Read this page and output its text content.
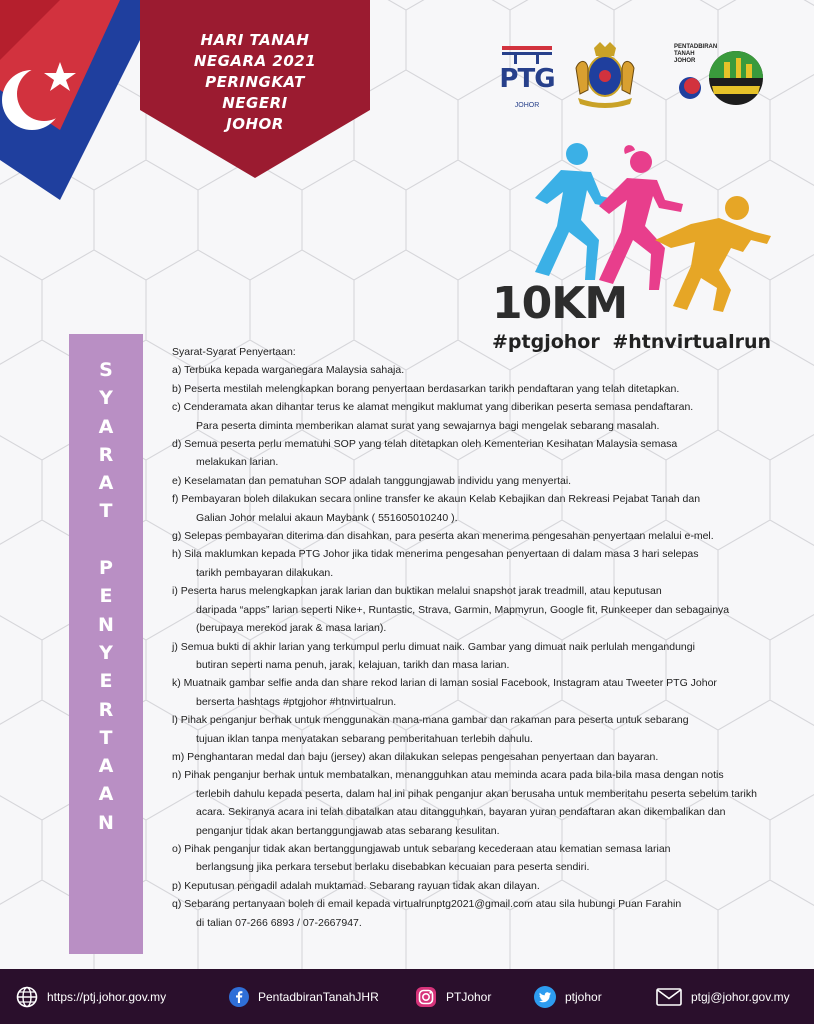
HARI TANAH
NEGARA 2021
PERINGKAT
NEGERI
JOHOR
PTG
JOHOR
PENTADBIRAN
TANAH
JOHOR
10KM
#ptgjohor #htnvirtualrun
S
Y
A
R
A
T
P
E
N
Y
E
R
T
A
A
N

Syarat-Syarat Penyertaan:

a) Terbuka kepada warganegara Malaysia sahaja.

b) Peserta mestilah melengkapkan borang penyertaan berdasarkan tarikh pendaftaran yang telah ditetapkan.

c) Cenderamata akan dihantar terus ke alamat mengikut maklumat yang diberikan peserta semasa pendaftaran.
Para peserta diminta memberikan alamat surat yang sewajarnya bagi mengelak sebarang masalah.

d) Semua peserta perlu mematuhi SOP yang telah ditetapkan oleh Kementerian Kesihatan Malaysia semasa
melakukan larian.

e) Keselamatan dan pematuhan SOP adalah tanggungjawab individu yang menyertai.

f) Pembayaran boleh dilakukan secara online transfer ke akaun Kelab Kebajikan dan Rekreasi Pejabat Tanah dan
Galian Johor melalui akaun Maybank ( 551605010240 ).

g) Selepas pembayaran diterima dan disahkan, para peserta akan menerima pengesahan penyertaan melalui e-mel.

h) Sila maklumkan kepada PTG Johor jika tidak menerima pengesahan penyertaan di dalam masa 3 hari selepas
tarikh pembayaran dilakukan.

i) Peserta harus melengkapkan jarak larian dan buktikan melalui snapshot jarak treadmill, atau keputusan
daripada “apps” larian seperti Nike+, Runtastic, Strava, Garmin, Mapmyrun, Google fit, Runkeeper dan sebagainya (berupaya merekod jarak & masa larian).

j) Semua bukti di akhir larian yang terkumpul perlu dimuat naik. Gambar yang dimuat naik perlulah mengandungi
butiran seperti nama penuh, jarak, kelajuan, tarikh dan masa larian.

k) Muatnaik gambar selfie anda dan share rekod larian di laman sosial Facebook, Instagram atau Tweeter PTG Johor
berserta hashtags #ptgjohor #htnvirtualrun.

l) Pihak penganjur berhak untuk menggunakan mana-mana gambar dan rakaman para peserta untuk sebarang
tujuan iklan tanpa menyatakan sebarang pemberitahuan terlebih dahulu.

m) Penghantaran medal dan baju (jersey) akan dilakukan selepas pengesahan penyertaan dan bayaran.

n) Pihak penganjur berhak untuk membatalkan, menangguhkan atau meminda acara pada bila-bila masa dengan notis
terlebih dahulu kepada peserta, dalam hal ini pihak penganjur akan berusaha untuk memberitahu peserta sebelum tarikh acara. Sekiranya acara ini telah dibatalkan atau ditangguhkan, bayaran yuran pendaftaran akan dikembalikan dan penganjur tidak akan bertanggungjawab atas sebarang kesulitan.

o) Pihak penganjur tidak akan bertanggungjawab untuk sebarang kecederaan atau kematian semasa larian
berlangsung jika perkara tersebut berlaku disebabkan kecuaian para peserta sendiri.

p) Keputusan pengadil adalah muktamad. Sebarang rayuan tidak akan dilayan.

q) Sebarang pertanyaan boleh di email kepada virtualrunptg2021@gmail.com atau sila hubungi Puan Farahin
di talian 07-266 6893 / 07-2667947.

https://ptj.johor.gov.my	PentadbiranTanahJHR	PTJohor	ptjohor	ptgj@johor.gov.my
